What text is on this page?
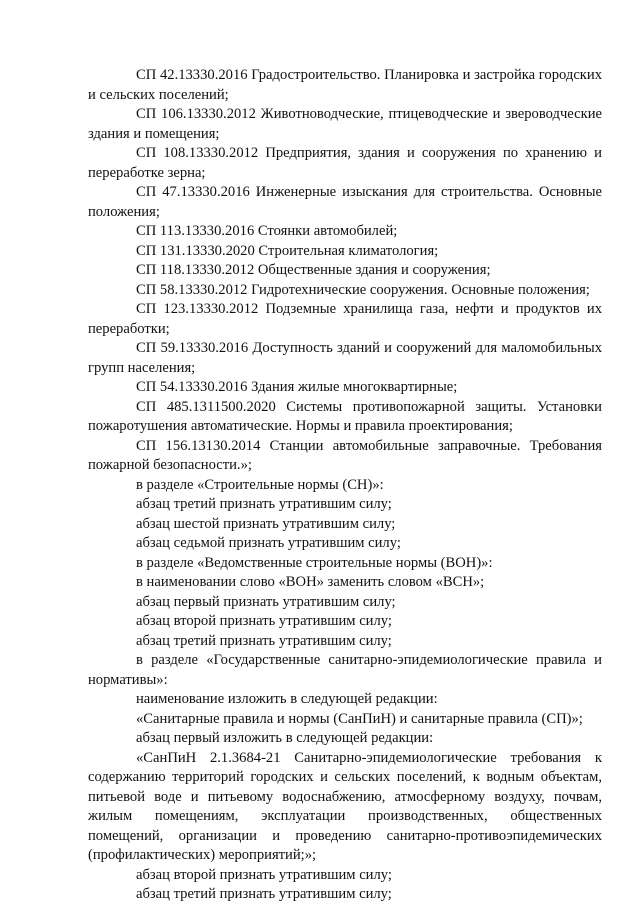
СП 42.13330.2016 Градостроительство. Планировка и застройка городских и сельских поселений;

СП 106.13330.2012 Животноводческие, птицеводческие и звероводческие здания и помещения;

СП 108.13330.2012 Предприятия, здания и сооружения по хранению и переработке зерна;

СП 47.13330.2016 Инженерные изыскания для строительства. Основные положения;

СП 113.13330.2016 Стоянки автомобилей;

СП 131.13330.2020 Строительная климатология;

СП 118.13330.2012 Общественные здания и сооружения;

СП 58.13330.2012 Гидротехнические сооружения. Основные положения;

СП 123.13330.2012 Подземные хранилища газа, нефти и продуктов их переработки;

СП 59.13330.2016 Доступность зданий и сооружений для маломобильных групп населения;

СП 54.13330.2016 Здания жилые многоквартирные;

СП 485.1311500.2020 Системы противопожарной защиты. Установки пожаротушения автоматические. Нормы и правила проектирования;

СП 156.13130.2014 Станции автомобильные заправочные. Требования пожарной безопасности.»;

в разделе «Строительные нормы (СН)»:

абзац третий признать утратившим силу;

абзац шестой признать утратившим силу;

абзац седьмой признать утратившим силу;

в разделе «Ведомственные строительные нормы (ВОН)»:

в наименовании слово «ВОН» заменить словом «ВСН»;

абзац первый признать утратившим силу;

абзац второй признать утратившим силу;

абзац третий признать утратившим силу;

в разделе «Государственные санитарно-эпидемиологические правила и нормативы»:

наименование изложить в следующей редакции:

«Санитарные правила и нормы (СанПиН) и санитарные правила (СП)»;

абзац первый изложить в следующей редакции:

«СанПиН 2.1.3684-21 Санитарно-эпидемиологические требования к содержанию территорий городских и сельских поселений, к водным объектам, питьевой воде и питьевому водоснабжению, атмосферному воздуху, почвам, жилым помещениям, эксплуатации производственных, общественных помещений, организации и проведению санитарно-противоэпидемических (профилактических) мероприятий;»;

абзац второй признать утратившим силу;

абзац третий признать утратившим силу;
